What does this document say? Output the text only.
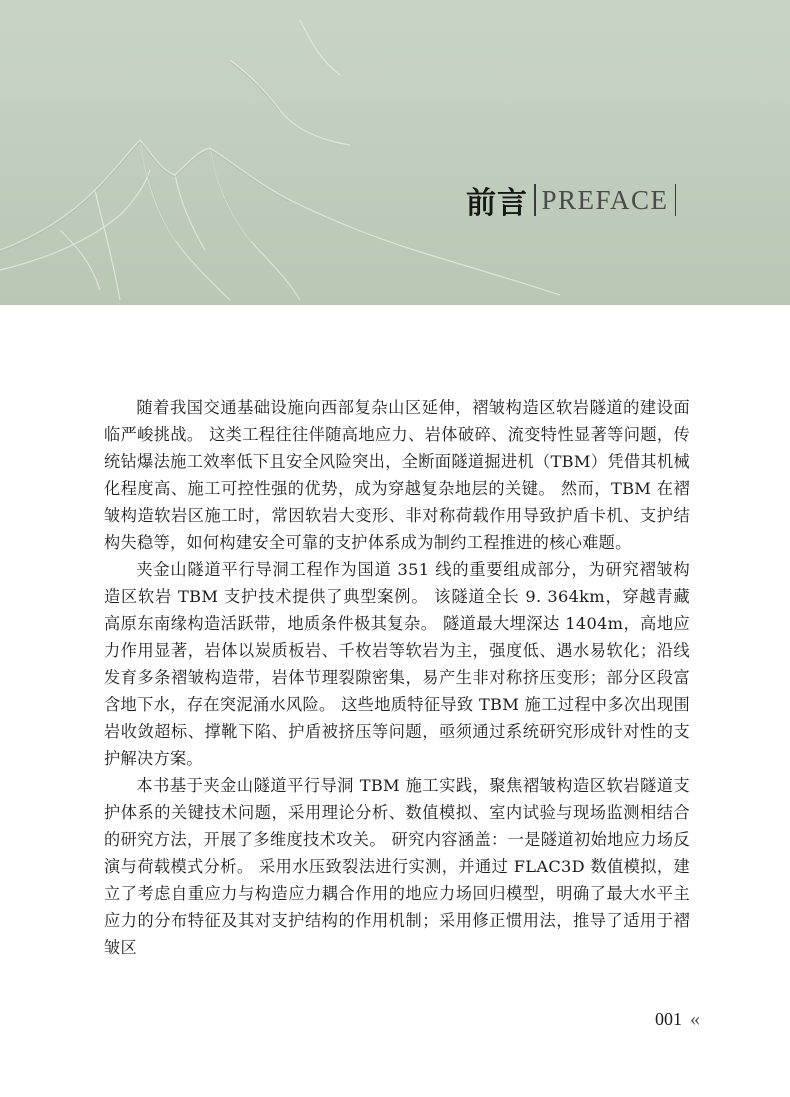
前言 PREFACE

随着我国交通基础设施向西部复杂山区延伸，褶皱构造区软岩隧道的建设面临严峻挑战。 这类工程往往伴随高地应力、岩体破碎、流变特性显著等问题，传统钻爆法施工效率低下且安全风险突出，全断面隧道掘进机（TBM）凭借其机械化程度高、施工可控性强的优势，成为穿越复杂地层的关键。 然而，TBM 在褶皱构造软岩区施工时，常因软岩大变形、非对称荷载作用导致护盾卡机、支护结构失稳等，如何构建安全可靠的支护体系成为制约工程推进的核心难题。

夹金山隧道平行导洞工程作为国道 351 线的重要组成部分，为研究褶皱构造区软岩 TBM 支护技术提供了典型案例。 该隧道全长 9. 364km，穿越青藏高原东南缘构造活跃带，地质条件极其复杂。 隧道最大埋深达 1404m，高地应力作用显著，岩体以炭质板岩、千枚岩等软岩为主，强度低、遇水易软化；沿线发育多条褶皱构造带，岩体节理裂隙密集，易产生非对称挤压变形；部分区段富含地下水，存在突泥涌水风险。 这些地质特征导致 TBM 施工过程中多次出现围岩收敛超标、撑靴下陷、护盾被挤压等问题，亟须通过系统研究形成针对性的支护解决方案。

本书基于夹金山隧道平行导洞 TBM 施工实践，聚焦褶皱构造区软岩隧道支护体系的关键技术问题，采用理论分析、数值模拟、室内试验与现场监测相结合的研究方法，开展了多维度技术攻关。 研究内容涵盖：一是隧道初始地应力场反演与荷载模式分析。 采用水压致裂法进行实测，并通过 FLAC3D 数值模拟，建立了考虑自重应力与构造应力耦合作用的地应力场回归模型，明确了最大水平主应力的分布特征及其对支护结构的作用机制；采用修正惯用法，推导了适用于褶皱区

001 «
